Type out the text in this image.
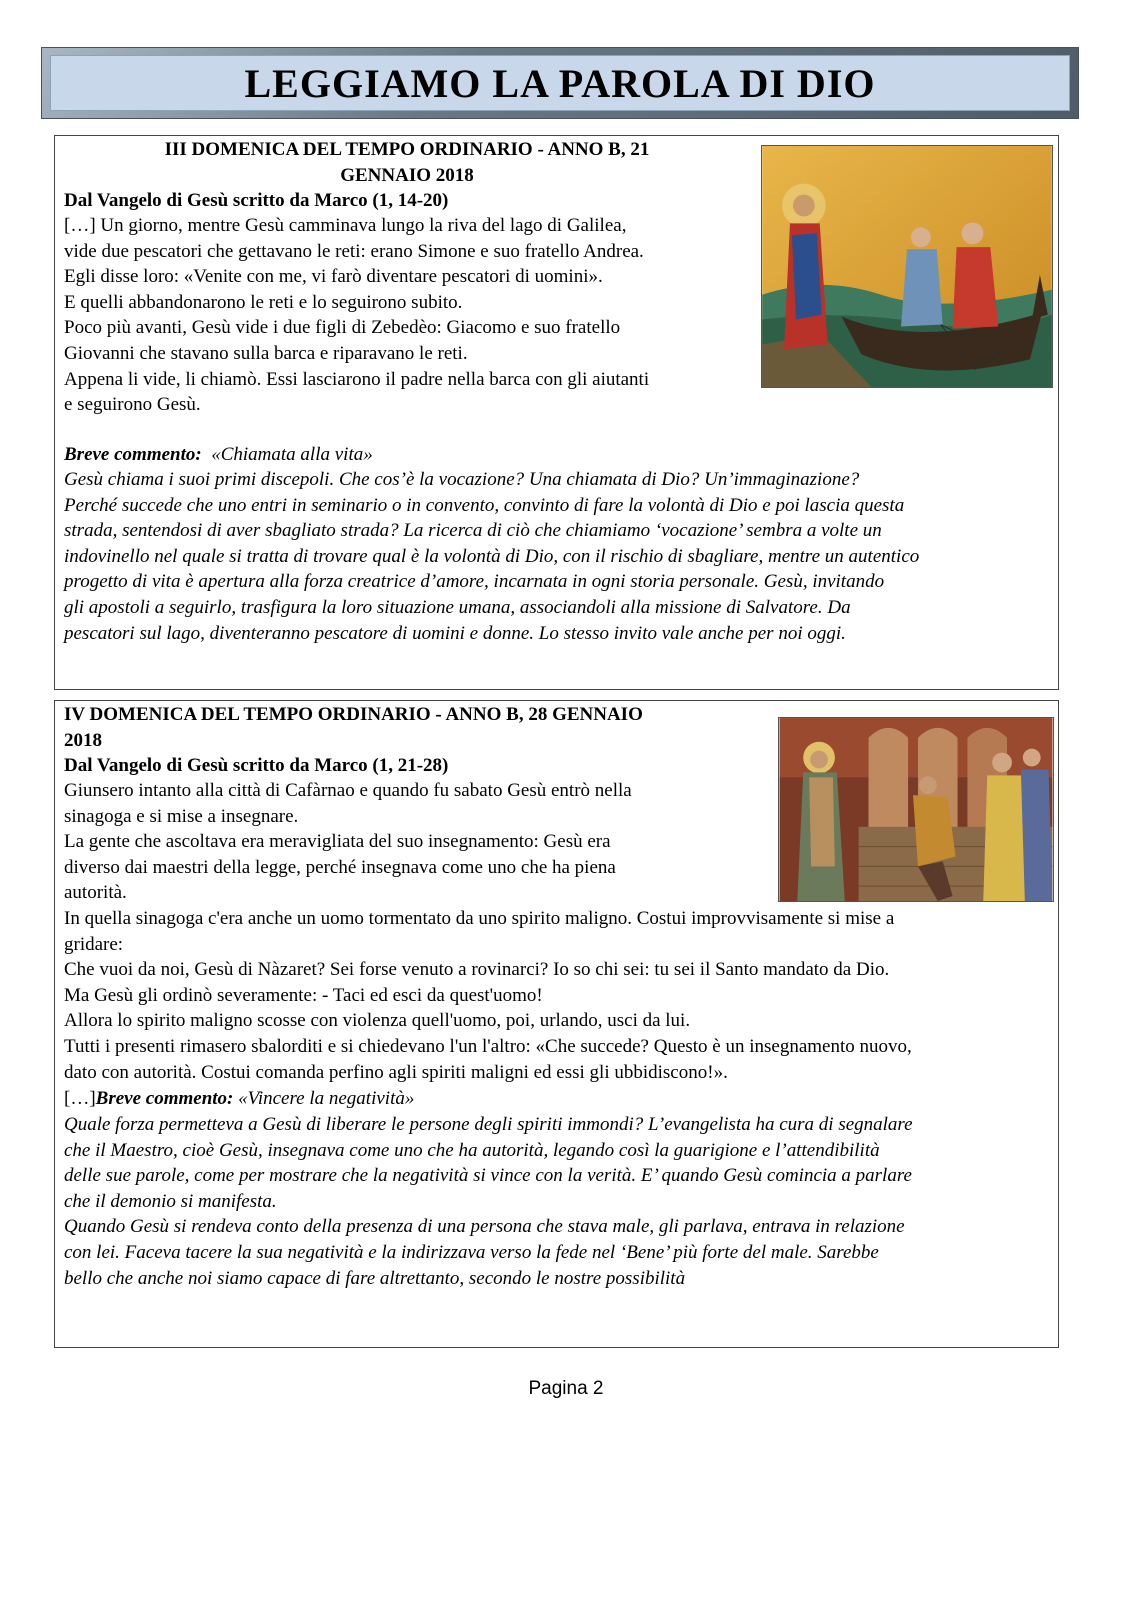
LEGGIAMO LA PAROLA DI DIO
III DOMENICA DEL TEMPO ORDINARIO - ANNO B, 21
GENNAIO 2018
Dal Vangelo di Gesù scritto da Marco (1, 14-20)
[…] Un giorno, mentre Gesù camminava lungo la riva del lago di Galilea,
vide due pescatori che gettavano le reti: erano Simone e suo fratello Andrea.
Egli disse loro: «Venite con me, vi farò diventare pescatori di uomini».
E quelli abbandonarono le reti e lo seguirono subito.
Poco più avanti, Gesù vide i due figli di Zebedèo: Giacomo e suo fratello
Giovanni che stavano sulla barca e riparavano le reti.
Appena li vide, li chiamò. Essi lasciarono il padre nella barca con gli aiutanti
e seguirono Gesù.
Breve commento: «Chiamata alla vita»
Gesù chiama i suoi primi discepoli. Che cos’è la vocazione? Una chiamata di Dio? Un’immaginazione?
Perché succede che uno entri in seminario o in convento, convinto di fare la volontà di Dio e poi lascia questa
strada, sentendosi di aver sbagliato strada? La ricerca di ciò che chiamiamo ‘vocazione’ sembra a volte un
indovinello nel quale si tratta di trovare qual è la volontà di Dio, con il rischio di sbagliare, mentre un autentico
progetto di vita è apertura alla forza creatrice d’amore, incarnata in ogni storia personale. Gesù, invitando
gli apostoli a seguirlo, trasfigura la loro situazione umana, associandoli alla missione di Salvatore. Da
pescatori sul lago, diventeranno pescatore di uomini e donne. Lo stesso invito vale anche per noi oggi.
IV DOMENICA DEL TEMPO ORDINARIO - ANNO B, 28 GENNAIO
2018
Dal Vangelo di Gesù scritto da Marco (1, 21-28)
Giunsero intanto alla città di Cafàrnao e quando fu sabato Gesù entrò nella
sinagoga e si mise a insegnare.
La gente che ascoltava era meravigliata del suo insegnamento: Gesù era
diverso dai maestri della legge, perché insegnava come uno che ha piena
autorità.
In quella sinagoga c'era anche un uomo tormentato da uno spirito maligno. Costui improvvisamente si mise a
gridare:
Che vuoi da noi, Gesù di Nàzaret? Sei forse venuto a rovinarci? Io so chi sei: tu sei il Santo mandato da Dio.
Ma Gesù gli ordinò severamente: - Taci ed esci da quest'uomo!
Allora lo spirito maligno scosse con violenza quell'uomo, poi, urlando, usci da lui.
Tutti i presenti rimasero sbalorditi e si chiedevano l'un l'altro: «Che succede? Questo è un insegnamento nuovo,
dato con autorità. Costui comanda perfino agli spiriti maligni ed essi gli ubbidiscono!».
[…]Breve commento: «Vincere la negatività»
Quale forza permetteva a Gesù di liberare le persone degli spiriti immondi? L’evangelista ha cura di segnalare
che il Maestro, cioè Gesù, insegnava come uno che ha autorità, legando così la guarigione e l’attendibilità
delle sue parole, come per mostrare che la negatività si vince con la verità. E’ quando Gesù comincia a parlare
che il demonio si manifesta.
Quando Gesù si rendeva conto della presenza di una persona che stava male, gli parlava, entrava in relazione
con lei. Faceva tacere la sua negatività e la indirizzava verso la fede nel ‘Bene’ più forte del male. Sarebbe
bello che anche noi siamo capace di fare altrettanto, secondo le nostre possibilità
Pagina 2
